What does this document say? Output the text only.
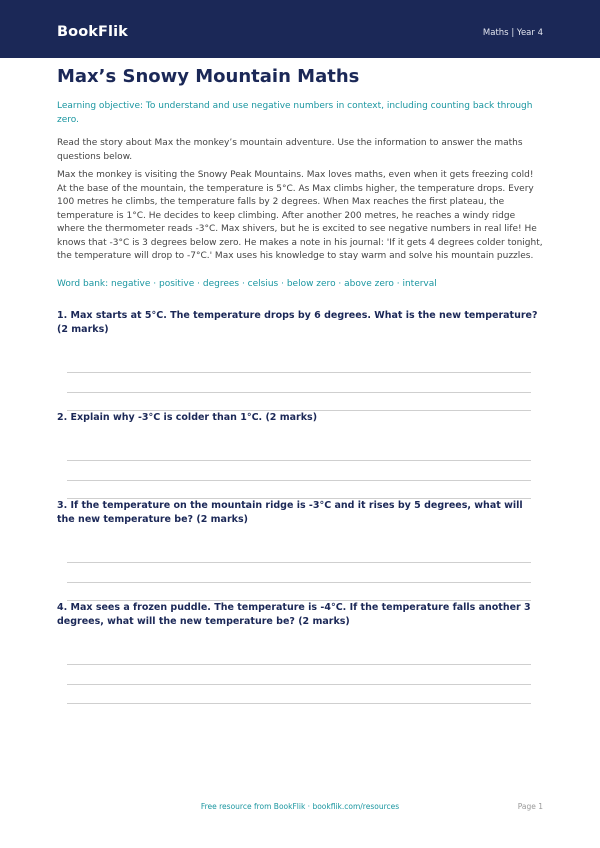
BookFlik	Maths | Year 4
Max’s Snowy Mountain Maths
Learning objective: To understand and use negative numbers in context, including counting back through zero.
Read the story about Max the monkey’s mountain adventure. Use the information to answer the maths questions below.
Max the monkey is visiting the Snowy Peak Mountains. Max loves maths, even when it gets freezing cold! At the base of the mountain, the temperature is 5°C. As Max climbs higher, the temperature drops. Every 100 metres he climbs, the temperature falls by 2 degrees. When Max reaches the first plateau, the temperature is 1°C. He decides to keep climbing. After another 200 metres, he reaches a windy ridge where the thermometer reads -3°C. Max shivers, but he is excited to see negative numbers in real life! He knows that -3°C is 3 degrees below zero. He makes a note in his journal: 'If it gets 4 degrees colder tonight, the temperature will drop to -7°C.' Max uses his knowledge to stay warm and solve his mountain puzzles.
Word bank: negative · positive · degrees · celsius · below zero · above zero · interval
1. Max starts at 5°C. The temperature drops by 6 degrees. What is the new temperature? (2 marks)
2. Explain why -3°C is colder than 1°C. (2 marks)
3. If the temperature on the mountain ridge is -3°C and it rises by 5 degrees, what will the new temperature be? (2 marks)
4. Max sees a frozen puddle. The temperature is -4°C. If the temperature falls another 3 degrees, what will the new temperature be? (2 marks)
Free resource from BookFlik · bookflik.com/resources	Page 1
